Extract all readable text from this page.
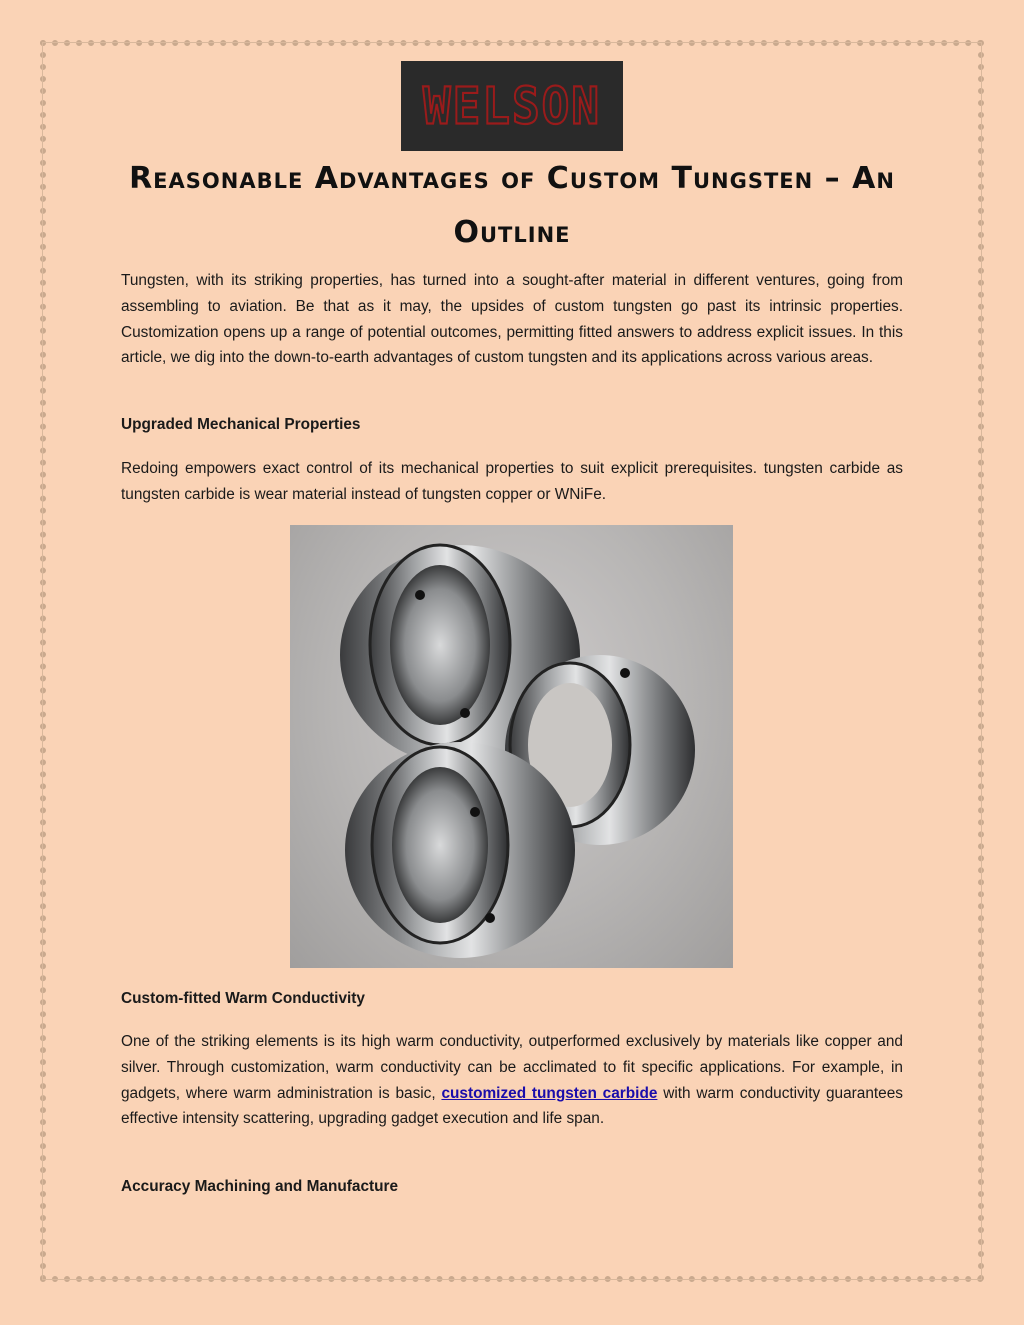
WELSON
Reasonable Advantages of Custom Tungsten – An Outline

Tungsten, with its striking properties, has turned into a sought-after material in different ventures, going from assembling to aviation. Be that as it may, the upsides of custom tungsten go past its intrinsic properties. Customization opens up a range of potential outcomes, permitting fitted answers to address explicit issues. In this article, we dig into the down-to-earth advantages of custom tungsten and its applications across various areas.

Upgraded Mechanical Properties

Redoing empowers exact control of its mechanical properties to suit explicit prerequisites. tungsten carbide as tungsten carbide is wear material instead of tungsten copper or WNiFe.

Custom-fitted Warm Conductivity

One of the striking elements is its high warm conductivity, outperformed exclusively by materials like copper and silver. Through customization, warm conductivity can be acclimated to fit specific applications. For example, in gadgets, where warm administration is basic, customized tungsten carbide with warm conductivity guarantees effective intensity scattering, upgrading gadget execution and life span.

Accuracy Machining and Manufacture
